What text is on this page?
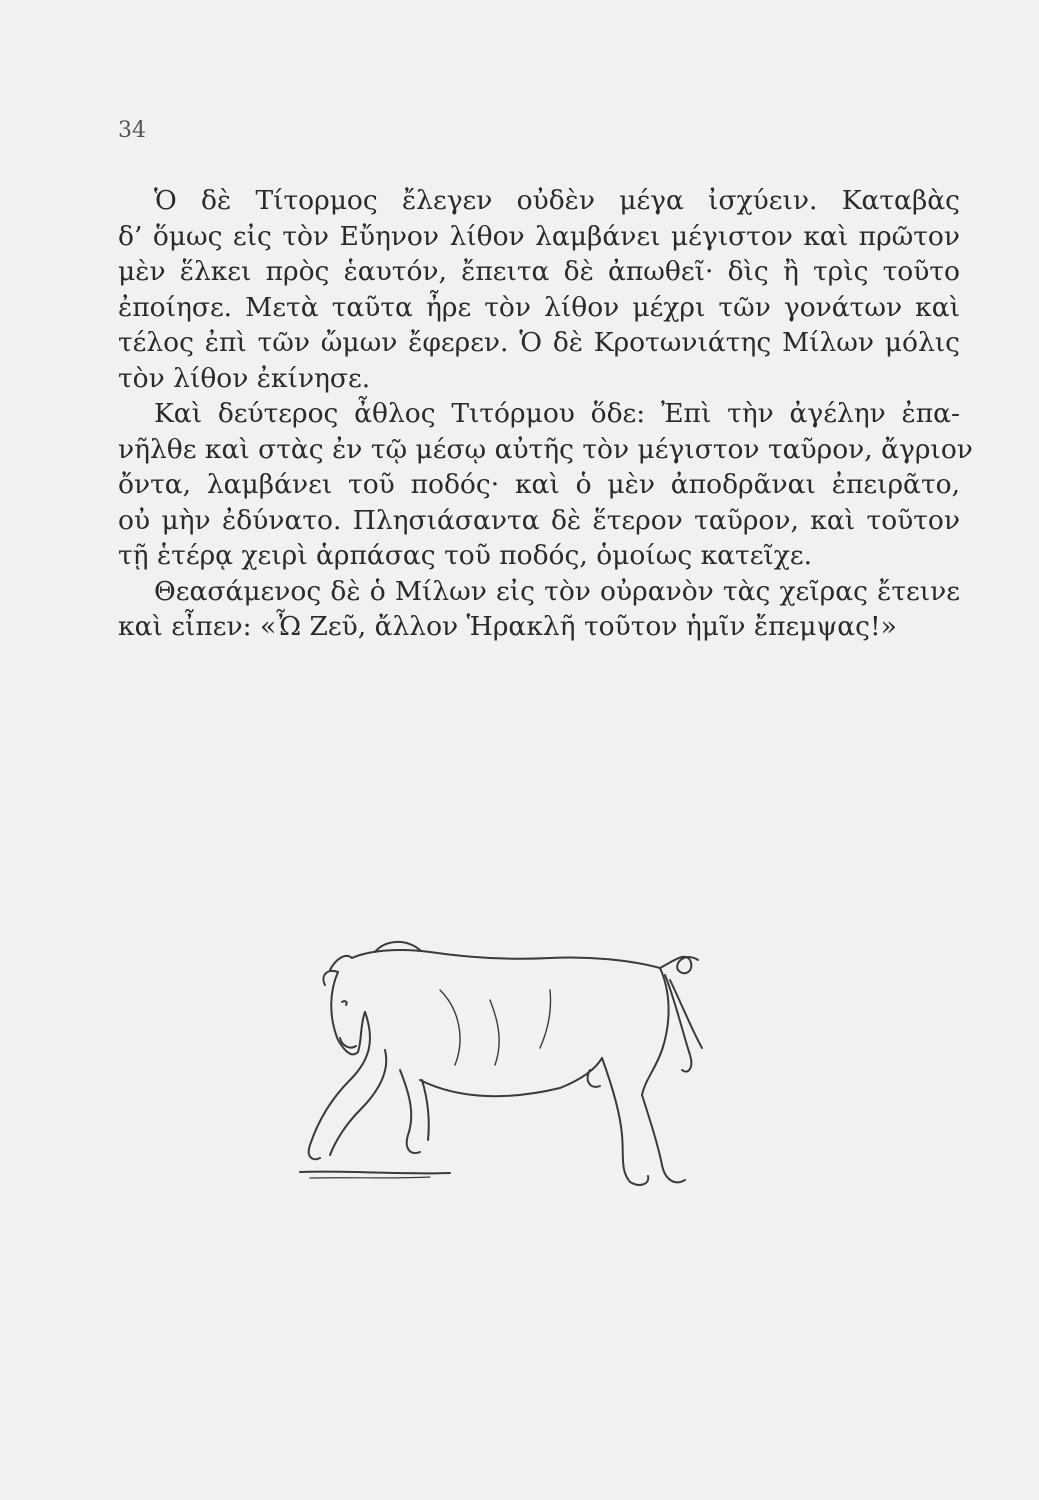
34
Ὁ δὲ Τίτορμος ἔλεγεν οὐδὲν μέγα ἰσχύειν. Καταβὰς
δ’ ὅμως εἰς τὸν Εὔηνον λίθον λαμβάνει μέγιστον καὶ πρῶτον
μὲν ἕλκει πρὸς ἑαυτόν, ἔπειτα δὲ ἀπωθεῖ· δὶς ἢ τρὶς τοῦτο
ἐποίησε. Μετὰ ταῦτα ἦρε τὸν λίθον μέχρι τῶν γονάτων καὶ
τέλος ἐπὶ τῶν ὤμων ἔφερεν. Ὁ δὲ Κροτωνιάτης Μίλων μόλις
τὸν λίθον ἐκίνησε.
Καὶ δεύτερος ἆθλος Τιτόρμου ὅδε: Ἐπὶ τὴν ἀγέλην ἐπα-
νῆλθε καὶ στὰς ἐν τῷ μέσῳ αὐτῆς τὸν μέγιστον ταῦρον, ἄγριον
ὄντα, λαμβάνει τοῦ ποδός· καὶ ὁ μὲν ἀποδρᾶναι ἐπειρᾶτο,
οὐ μὴν ἐδύνατο. Πλησιάσαντα δὲ ἕτερον ταῦρον, καὶ τοῦτον
τῇ ἑτέρᾳ χειρὶ ἁρπάσας τοῦ ποδός, ὁμοίως κατεῖχε.
Θεασάμενος δὲ ὁ Μίλων εἰς τὸν οὐρανὸν τὰς χεῖρας ἔτεινε
καὶ εἶπεν: «Ὦ Ζεῦ, ἄλλον Ἡρακλῆ τοῦτον ἡμῖν ἔπεμψας!»
